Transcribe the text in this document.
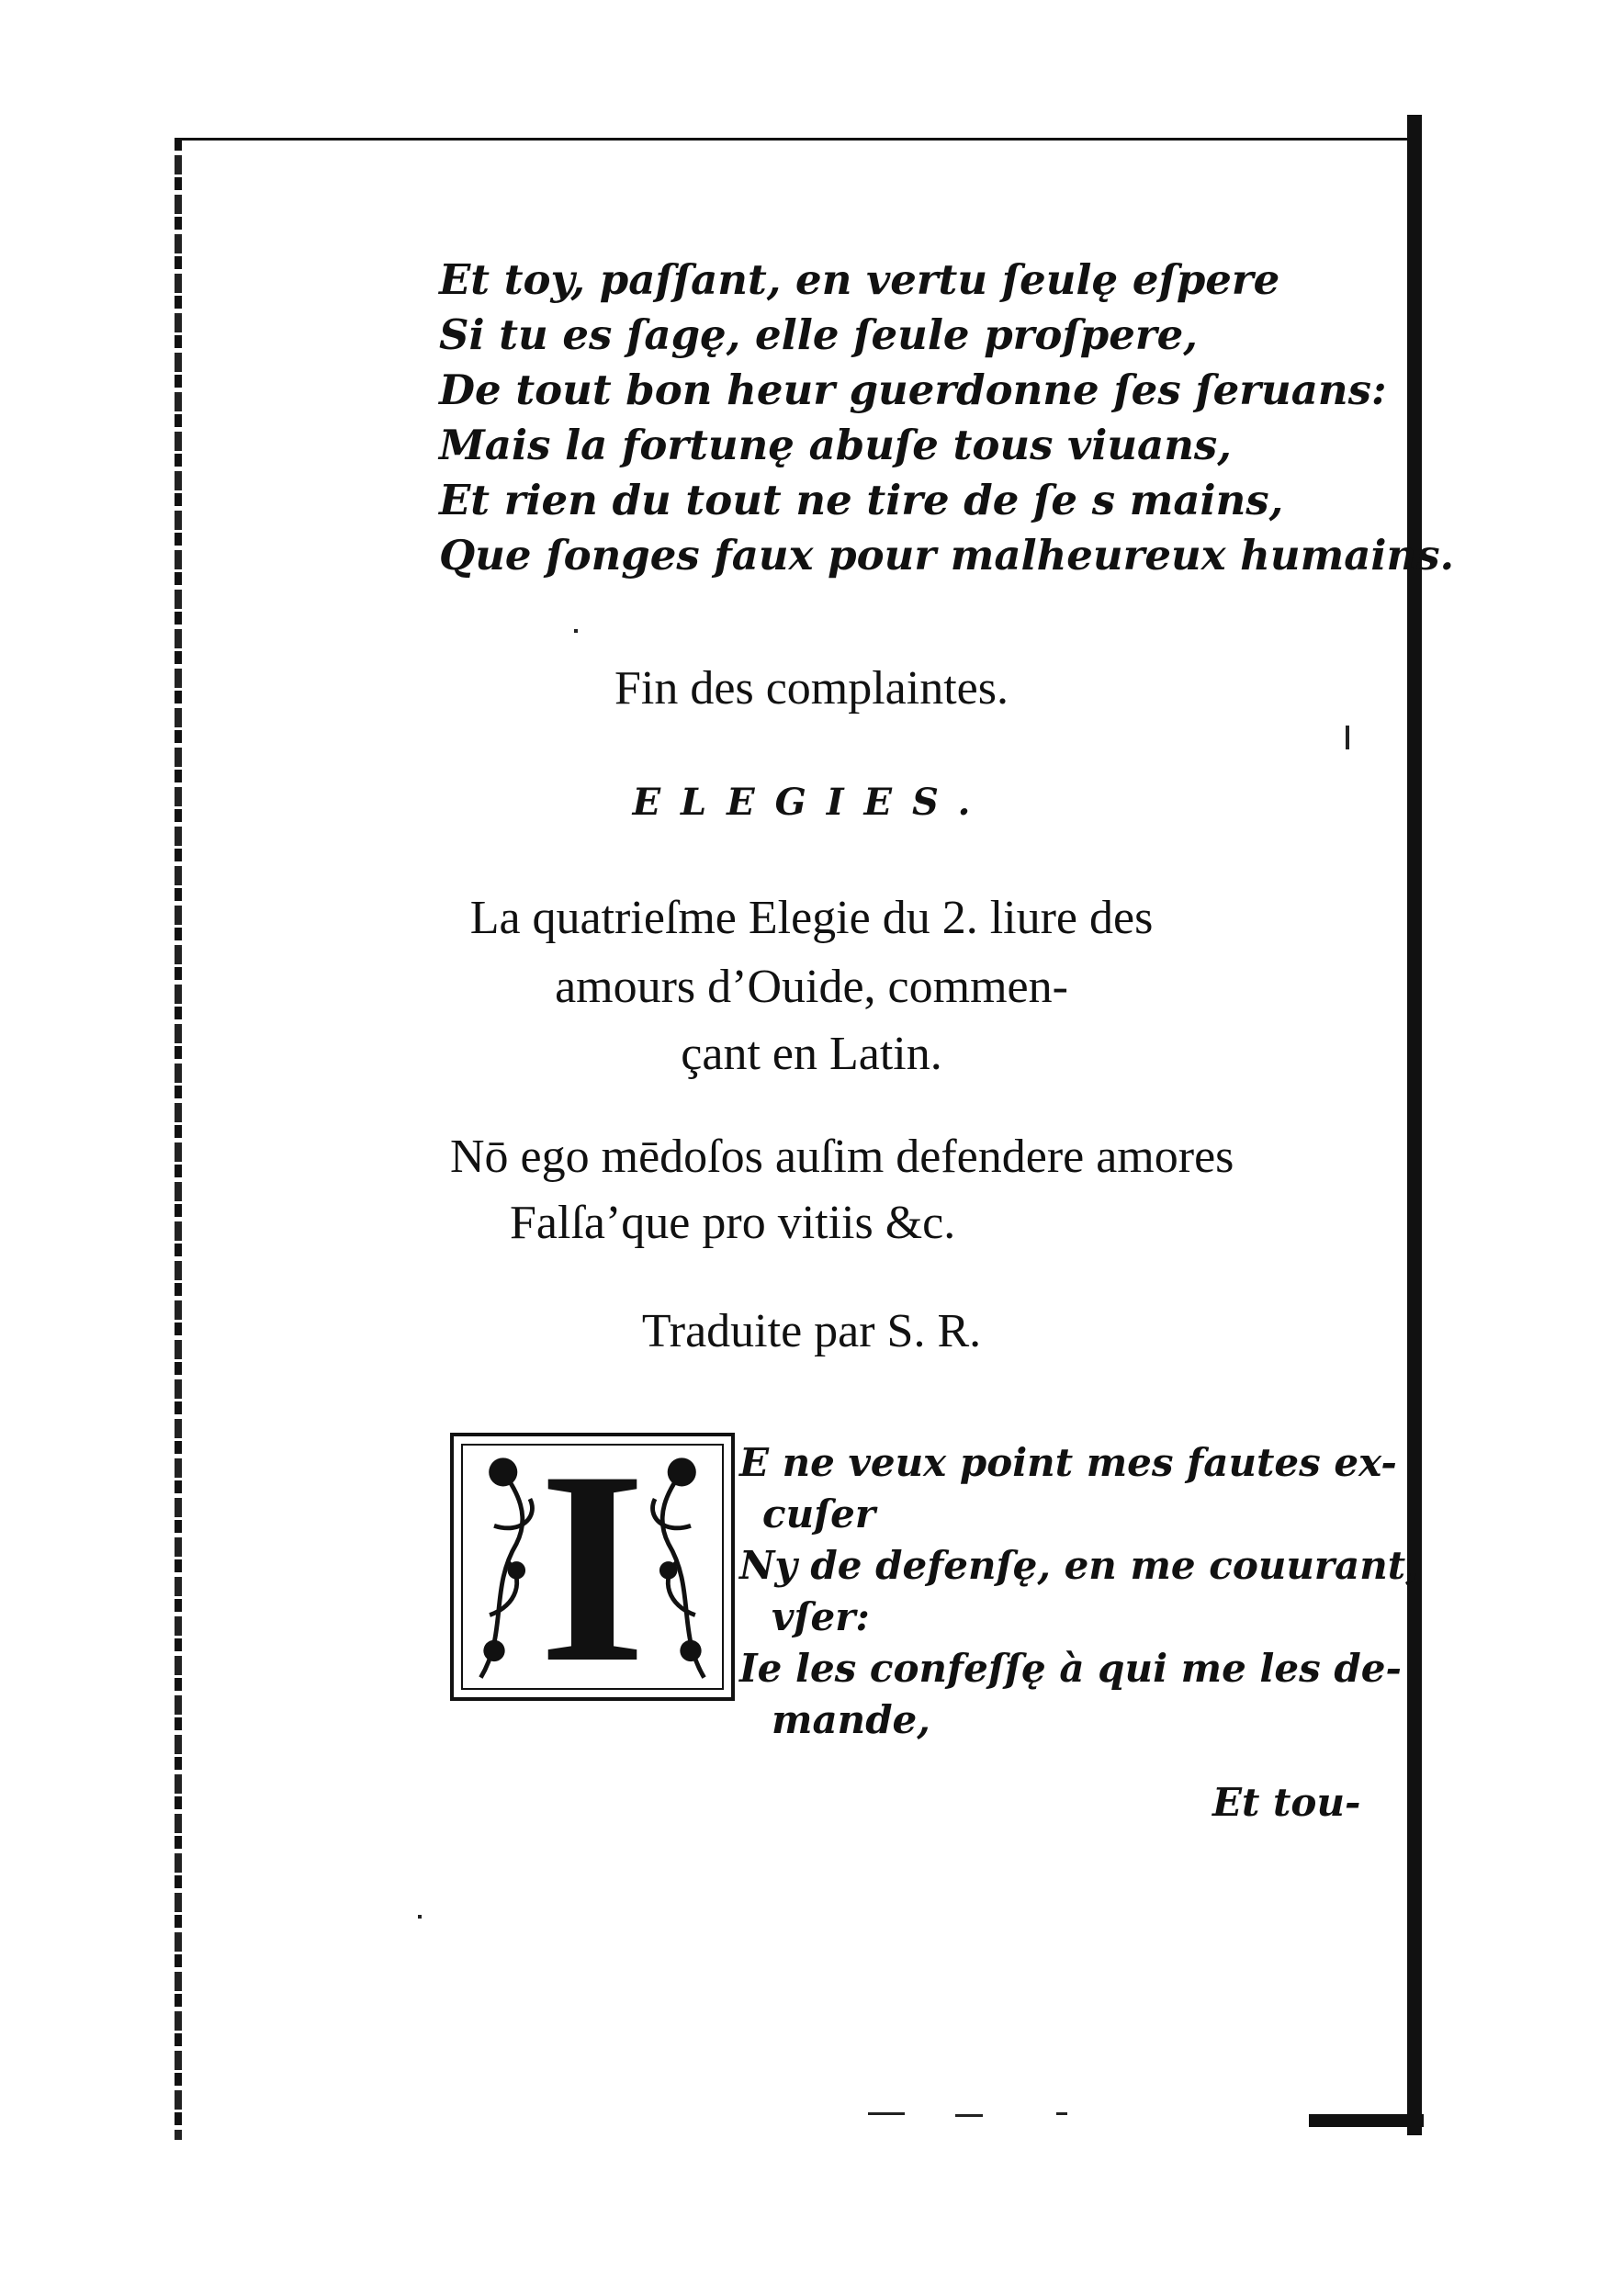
Et toy, paſſant, en vertu ſeulę eſpere
Si tu es ſagę, elle ſeule proſpere,
De tout bon heur guerdonne ſes ſeruans:
Mais la fortunę abuſe tous viuans,
Et rien du tout ne tire de ſe s mains,
Que ſonges faux pour malheureux humains.
Fin des complaintes.
ELEGIES.
La quatrieſme Elegie du 2. liure des
amours d’Ouide, commen-
çant en Latin.
Nō ego mēdoſos auſim defendere amores
Falſa’que pro vitiis &c.
Traduite par S. R.
I	E ne veux point mes fautes ex-
cuſer
Ny de defenſę, en me couurant,
vſer:
Ie les confeſſę à qui me les de-
mande,
Et tou-
